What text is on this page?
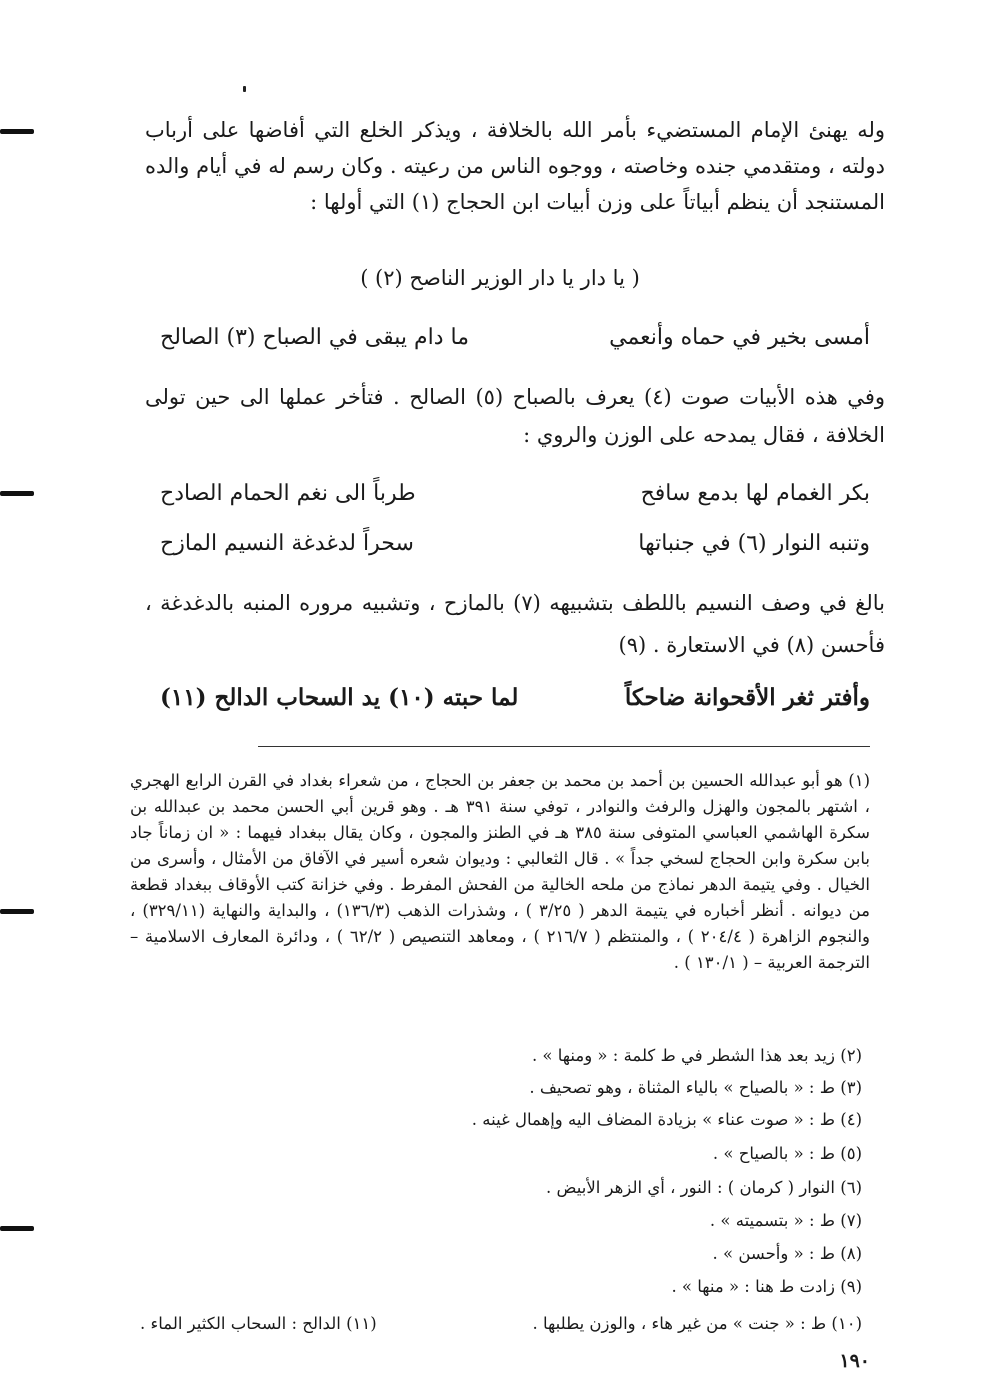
وله يهنئ الإمام المستضيء بأمر الله بالخلافة ، ويذكر الخلع التي أفاضها على أرباب دولته ، ومتقدمي جنده وخاصته ، ووجوه الناس من رعيته . وكان رسم له في أيام والده المستنجد أن ينظم أبياتاً على وزن أبيات ابن الحجاج (١) التي أولها :
( يا دار يا دار الوزير الناصح (٢) )
أمسى بخير في حماه وأنعمي
ما دام يبقى في الصباح (٣) الصالح
وفي هذه الأبيات صوت (٤) يعرف بالصباح (٥) الصالح . فتأخر عملها الى حين تولى الخلافة ، فقال يمدحه على الوزن والروي :
بكر الغمام لها بدمع سافح
طرباً الى نغم الحمام الصادح
وتنبه النوار (٦) في جنباتها
سحراً لدغدغة النسيم المازح
بالغ في وصف النسيم باللطف بتشبيهه (٧) بالمازح ، وتشبيه مروره المنبه بالدغدغة ، فأحسن (٨) في الاستعارة . (٩)
وأفتر ثغر الأقحوانة ضاحكاً
لما حبته (١٠) يد السحاب الدالح (١١)
(١) هو أبو عبدالله الحسين بن أحمد بن محمد بن جعفر بن الحجاج ، من شعراء بغداد في القرن الرابع الهجري ، اشتهر بالمجون والهزل والرفث والنوادر ، توفي سنة ٣٩١ هـ . وهو قرين أبي الحسن محمد بن عبدالله بن سكرة الهاشمي العباسي المتوفى سنة ٣٨٥ هـ في الطنز والمجون ، وكان يقال ببغداد فيهما : « ان زماناً جاد بابن سكرة وابن الحجاج لسخي جداً » . قال الثعالبي : وديوان شعره أسير في الآفاق من الأمثال ، وأسرى من الخيال . وفي يتيمة الدهر نماذج من ملحه الخالية من الفحش المفرط . وفي خزانة كتب الأوقاف ببغداد قطعة من ديوانه . أنظر أخباره في يتيمة الدهر ( ٣/٢٥ ) ، وشذرات الذهب (١٣٦/٣) ، والبداية والنهاية (٣٢٩/١١) ، والنجوم الزاهرة ( ٢٠٤/٤ ) ، والمنتظم ( ٢١٦/٧ ) ، ومعاهد التنصيص ( ٦٢/٢ ) ، ودائرة المعارف الاسلامية – الترجمة العربية – ( ١٣٠/١ ) .
(٢) زيد بعد هذا الشطر في ط كلمة : « ومنها » .
(٣) ط : « بالصياح » بالياء المثناة ، وهو تصحيف .
(٤) ط : « صوت عناء » بزيادة المضاف اليه وإهمال غينه .
(٥) ط : « بالصياح » .
(٦) النوار ( كرمان ) : النور ، أي الزهر الأبيض .
(٧) ط : « بتسميته » .
(٨) ط : « وأحسن » .
(٩) زادت ط هنا : « منها » .
(١٠) ط : « جنت » من غير هاء ، والوزن يطلبها .
(١١) الدالح : السحاب الكثير الماء .
١٩٠
